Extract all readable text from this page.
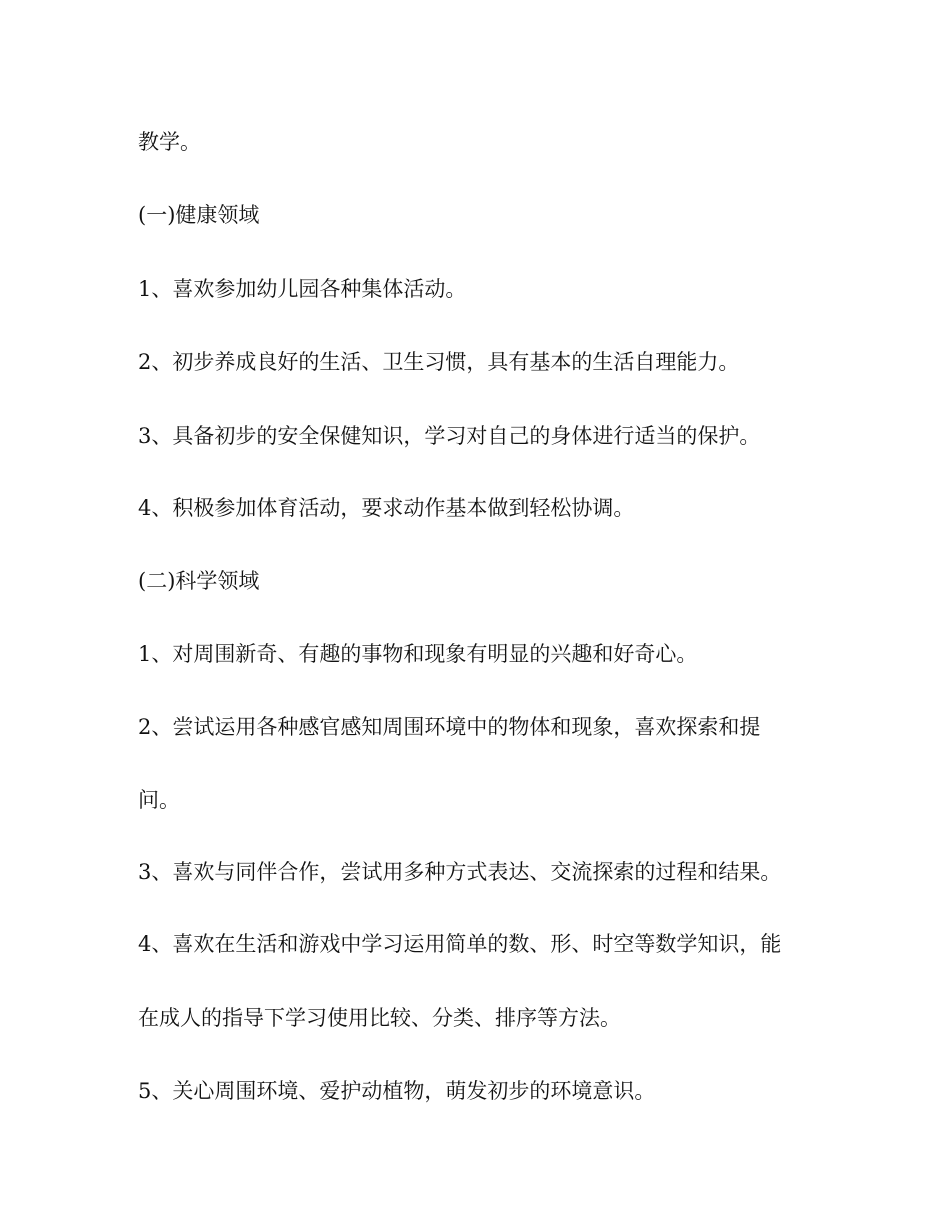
教学。
(一)健康领域
1、喜欢参加幼儿园各种集体活动。
2、初步养成良好的生活、卫生习惯，具有基本的生活自理能力。
3、具备初步的安全保健知识，学习对自己的身体进行适当的保护。
4、积极参加体育活动，要求动作基本做到轻松协调。
(二)科学领域
1、对周围新奇、有趣的事物和现象有明显的兴趣和好奇心。
2、尝试运用各种感官感知周围环境中的物体和现象，喜欢探索和提
问。
3、喜欢与同伴合作，尝试用多种方式表达、交流探索的过程和结果。
4、喜欢在生活和游戏中学习运用简单的数、形、时空等数学知识，能
在成人的指导下学习使用比较、分类、排序等方法。
5、关心周围环境、爱护动植物，萌发初步的环境意识。
